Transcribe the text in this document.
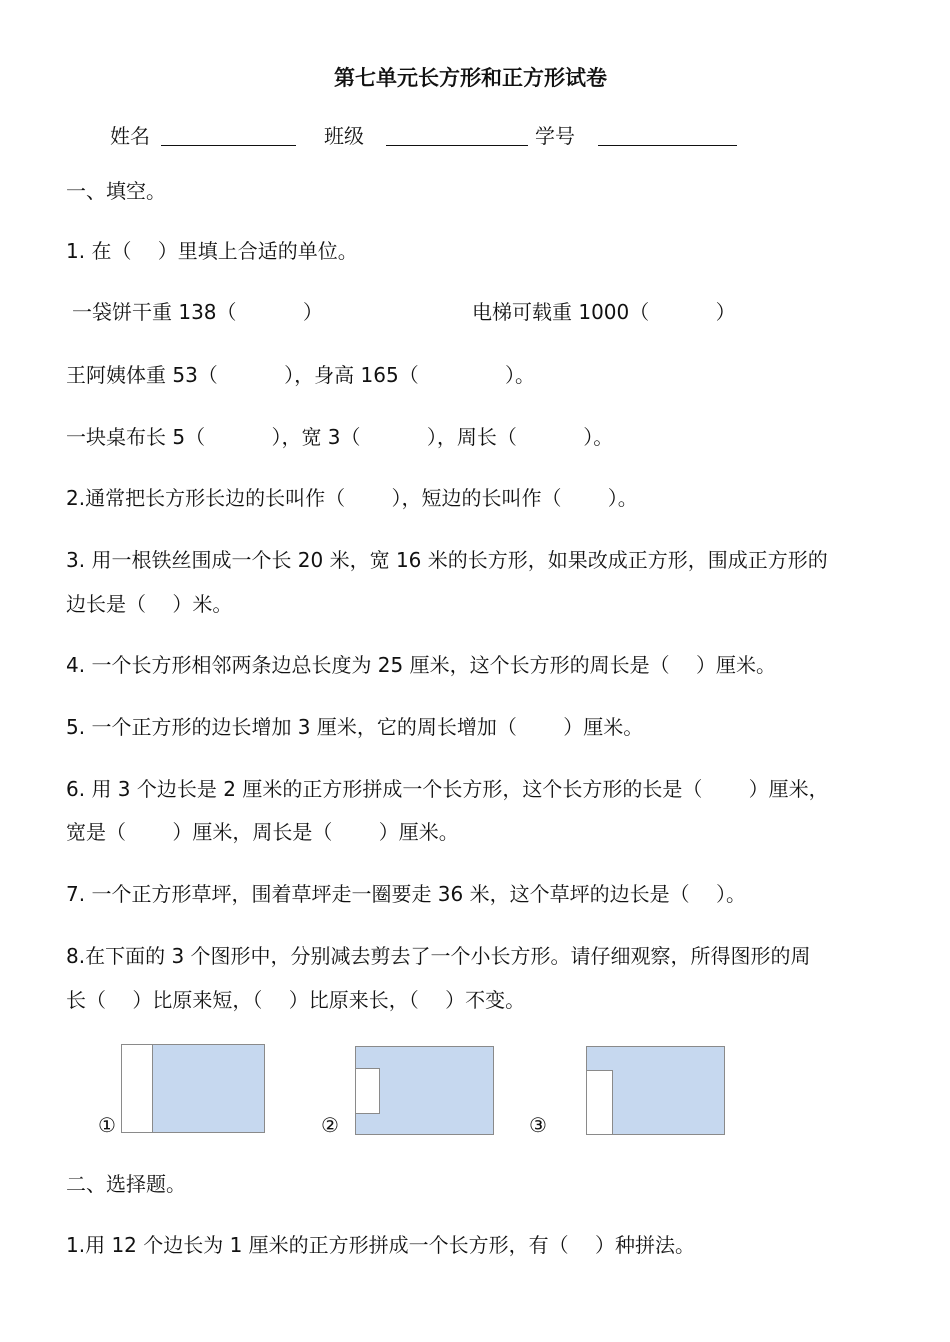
第七单元长方形和正方形试卷
姓名	班级	学号
一、填空。
1. 在（　 ）里填上合适的单位。
一袋饼干重 138（　　　 ）	电梯可载重 1000（　　　 ）
王阿姨体重 53（　　　 ），身高 165（　　　　 ）。
一块桌布长 5（　　　 ），宽 3（　　　 ），周长（　　　 ）。
2.通常把长方形长边的长叫作（　　 ），短边的长叫作（　　 ）。
3. 用一根铁丝围成一个长 20 米，宽 16 米的长方形，如果改成正方形，围成正方形的
边长是（　 ）米。
4. 一个长方形相邻两条边总长度为 25 厘米，这个长方形的周长是（　 ）厘米。
5. 一个正方形的边长增加 3 厘米，它的周长增加（　　 ）厘米。
6. 用 3 个边长是 2 厘米的正方形拼成一个长方形，这个长方形的长是（　　 ）厘米，
宽是（　　 ）厘米，周长是（　　 ）厘米。
7. 一个正方形草坪，围着草坪走一圈要走 36 米，这个草坪的边长是（　 ）。
8.在下面的 3 个图形中，分别减去剪去了一个小长方形。请仔细观察，所得图形的周
长（　 ）比原来短，（　 ）比原来长，（　 ）不变。
①	②	③
二、选择题。
1.用 12 个边长为 1 厘米的正方形拼成一个长方形，有（　 ）种拼法。
